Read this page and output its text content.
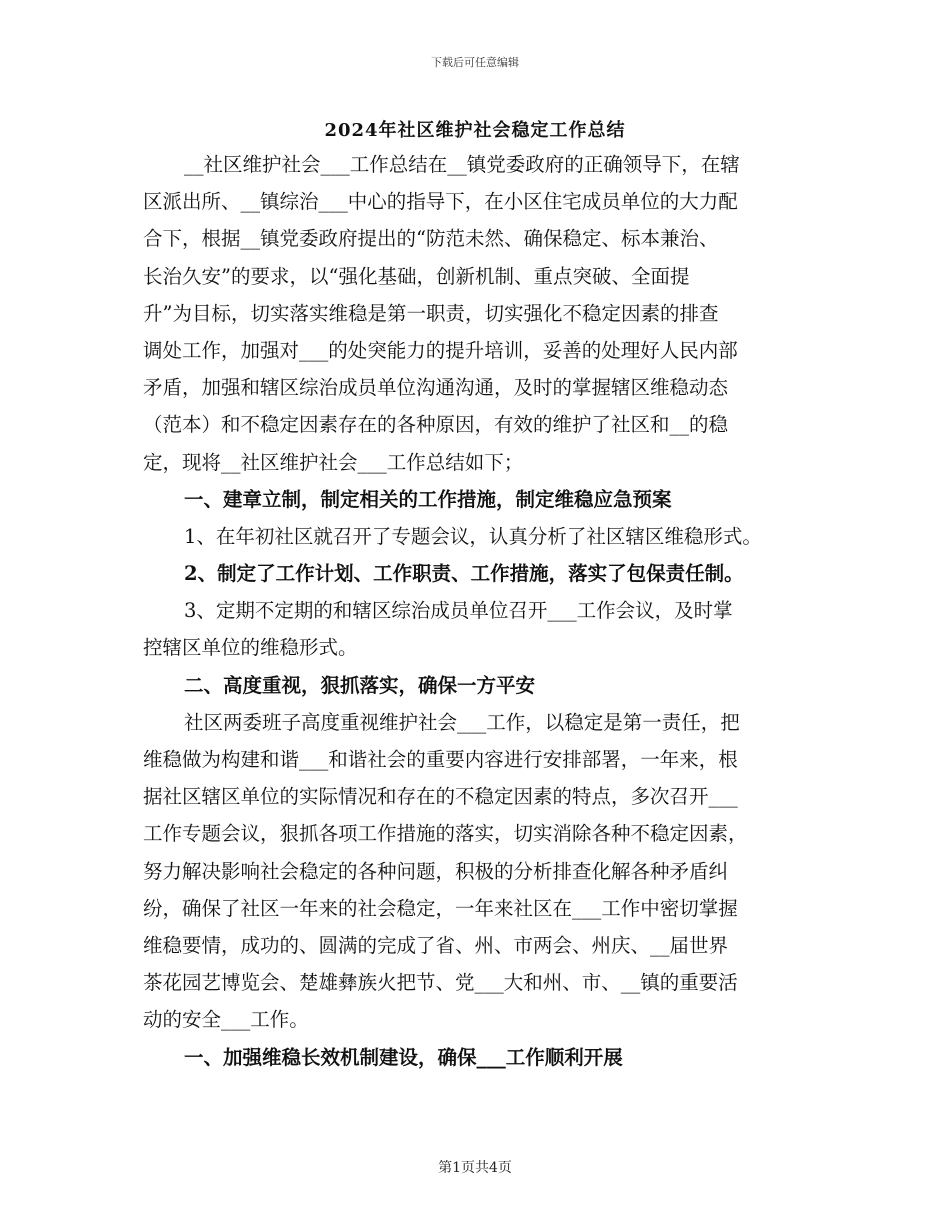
下载后可任意编辑
2024年社区维护社会稳定工作总结
__社区维护社会___工作总结在__镇党委政府的正确领导下，在辖
区派出所、__镇综治___中心的指导下，在小区住宅成员单位的大力配
合下，根据__镇党委政府提出的“防范未然、确保稳定、标本兼治、
长治久安”的要求，以“强化基础，创新机制、重点突破、全面提
升”为目标，切实落实维稳是第一职责，切实强化不稳定因素的排查
调处工作，加强对___的处突能力的提升培训，妥善的处理好人民内部
矛盾，加强和辖区综治成员单位沟通沟通，及时的掌握辖区维稳动态
（范本）和不稳定因素存在的各种原因，有效的维护了社区和__的稳
定，现将__社区维护社会___工作总结如下；
一、建章立制，制定相关的工作措施，制定维稳应急预案
1、在年初社区就召开了专题会议，认真分析了社区辖区维稳形式。
2、制定了工作计划、工作职责、工作措施，落实了包保责任制。
3、定期不定期的和辖区综治成员单位召开___工作会议，及时掌
控辖区单位的维稳形式。
二、高度重视，狠抓落实，确保一方平安
社区两委班子高度重视维护社会___工作，以稳定是第一责任，把
维稳做为构建和谐___和谐社会的重要内容进行安排部署，一年来，根
据社区辖区单位的实际情况和存在的不稳定因素的特点，多次召开___
工作专题会议，狠抓各项工作措施的落实，切实消除各种不稳定因素，
努力解决影响社会稳定的各种问题，积极的分析排查化解各种矛盾纠
纷，确保了社区一年来的社会稳定，一年来社区在___工作中密切掌握
维稳要情，成功的、圆满的完成了省、州、市两会、州庆、__届世界
茶花园艺博览会、楚雄彝族火把节、党___大和州、市、__镇的重要活
动的安全___工作。
一、加强维稳长效机制建设，确保___工作顺利开展
第1页共4页
